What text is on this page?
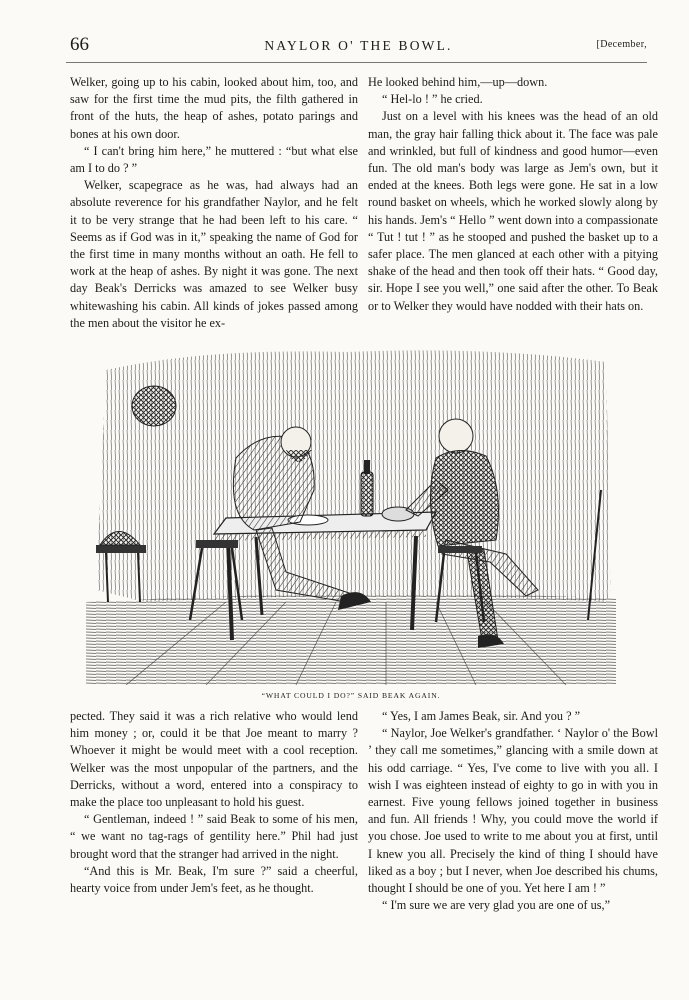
66	NAYLOR O' THE BOWL.	[December,

Welker, going up to his cabin, looked about him, too, and saw for the first time the mud pits, the filth gathered in front of the huts, the heap of ashes, potato parings and bones at his own door.

“ I can't bring him here,” he muttered : “but what else am I to do ? ”

Welker, scapegrace as he was, had always had an absolute reverence for his grandfather Naylor, and he felt it to be very strange that he had been left to his care. “ Seems as if God was in it,” speaking the name of God for the first time in many months without an oath. He fell to work at the heap of ashes. By night it was gone. The next day Beak's Derricks was amazed to see Welker busy whitewashing his cabin. All kinds of jokes passed among the men about the visitor he ex-

He looked behind him,—up—down.

“ Hel-lo ! ” he cried.

Just on a level with his knees was the head of an old man, the gray hair falling thick about it. The face was pale and wrinkled, but full of kindness and good humor—even fun. The old man's body was large as Jem's own, but it ended at the knees. Both legs were gone. He sat in a low round basket on wheels, which he worked slowly along by his hands. Jem's “ Hello ” went down into a compassionate “ Tut ! tut ! ” as he stooped and pushed the basket up to a safer place. The men glanced at each other with a pitying shake of the head and then took off their hats. “ Good day, sir. Hope I see you well,” one said after the other. To Beak or to Welker they would have nodded with their hats on.

“WHAT COULD I DO?” SAID BEAK AGAIN.

pected. They said it was a rich relative who would lend him money ; or, could it be that Joe meant to marry ? Whoever it might be would meet with a cool reception. Welker was the most unpopular of the partners, and the Derricks, without a word, entered into a conspiracy to make the place too unpleasant to hold his guest.

“ Gentleman, indeed ! ” said Beak to some of his men, “ we want no tag-rags of gentility here.” Phil had just brought word that the stranger had arrived in the night.

“And this is Mr. Beak, I'm sure ?” said a cheerful, hearty voice from under Jem's feet, as he thought.

“ Yes, I am James Beak, sir. And you ? ”

“ Naylor, Joe Welker's grandfather. ‘ Naylor o' the Bowl ’ they call me sometimes,” glancing with a smile down at his odd carriage. “ Yes, I've come to live with you all. I wish I was eighteen instead of eighty to go in with you in earnest. Five young fellows joined together in business and fun. All friends ! Why, you could move the world if you chose. Joe used to write to me about you at first, until I knew you all. Precisely the kind of thing I should have liked as a boy ; but I never, when Joe described his chums, thought I should be one of you. Yet here I am ! ”

“ I'm sure we are very glad you are one of us,”
